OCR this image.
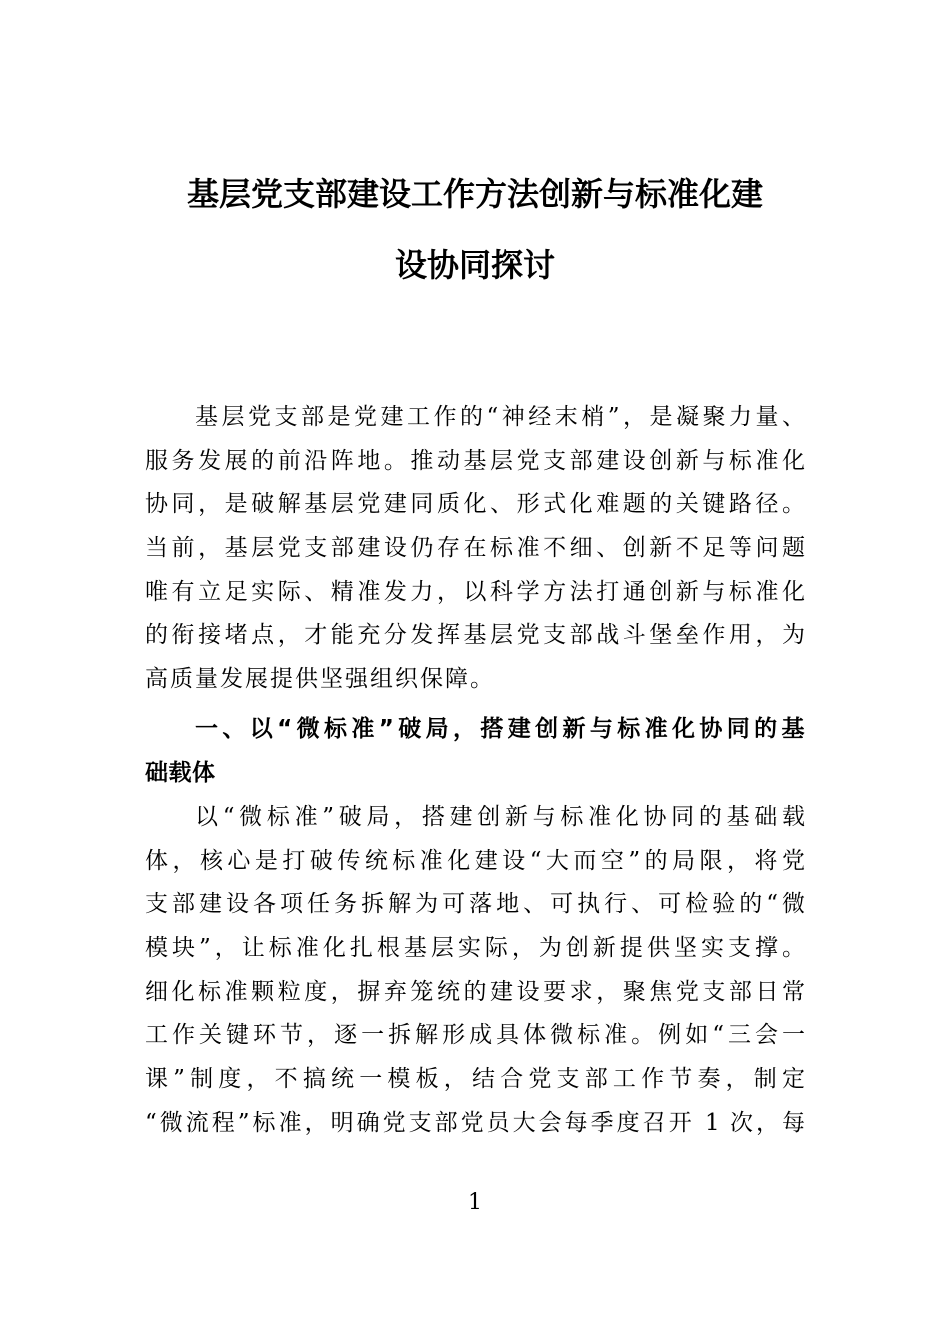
基层党支部建设工作方法创新与标准化建
设协同探讨
基层党支部是党建工作的“神经末梢”，是凝聚力量、
服务发展的前沿阵地。推动基层党支部建设创新与标准化
协同，是破解基层党建同质化、形式化难题的关键路径。
当前，基层党支部建设仍存在标准不细、创新不足等问题
唯有立足实际、精准发力，以科学方法打通创新与标准化
的衔接堵点，才能充分发挥基层党支部战斗堡垒作用，为
高质量发展提供坚强组织保障。
一、以“微标准”破局，搭建创新与标准化协同的基
础载体
以“微标准”破局，搭建创新与标准化协同的基础载
体，核心是打破传统标准化建设“大而空”的局限，将党
支部建设各项任务拆解为可落地、可执行、可检验的“微
模块”，让标准化扎根基层实际，为创新提供坚实支撑。
细化标准颗粒度，摒弃笼统的建设要求，聚焦党支部日常
工作关键环节，逐一拆解形成具体微标准。例如“三会一
课”制度，不搞统一模板，结合党支部工作节奏，制定
“微流程”标准，明确党支部党员大会每季度召开 1 次，每
1
